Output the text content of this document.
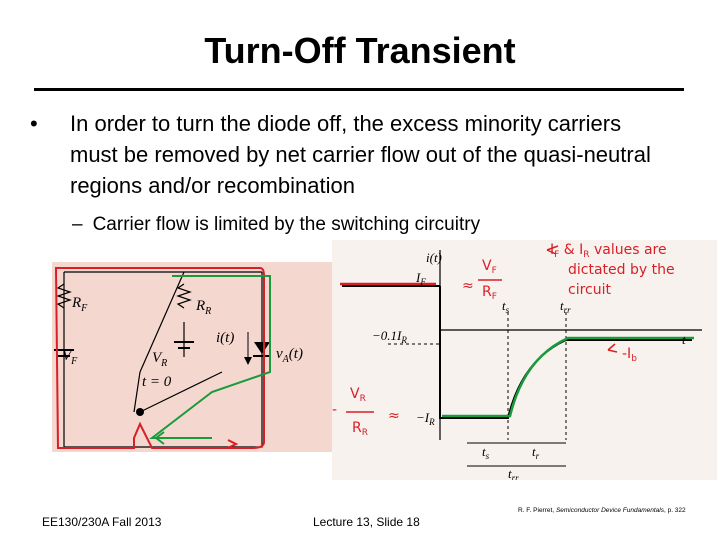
Turn-Off Transient
• In order to turn the diode off, the excess minority carriers must be removed by net carrier flow out of the quasi-neutral regions and/or recombination
– Carrier flow is limited by the switching circuitry
$R_F$	$R_R$
$V_F$	$V_R$
i(t)
$v_A(t)$
t = 0
i(t)
t
$I_F$
$-0.1I_R$
$-I_R$
$t_s$	$t_{rr}$
$t_s$	$t_r$
$t_{rr}$
$I_F$ & $I_R$ values are
dictated by the
circuit
$V_F$
$R_F$
≈
$-I_b$
-
$V_R$
$R_R$
≈
EE130/230A Fall 2013	Lecture 13, Slide 18
R. F. Pierret, Semiconductor Device Fundamentals, p. 322
